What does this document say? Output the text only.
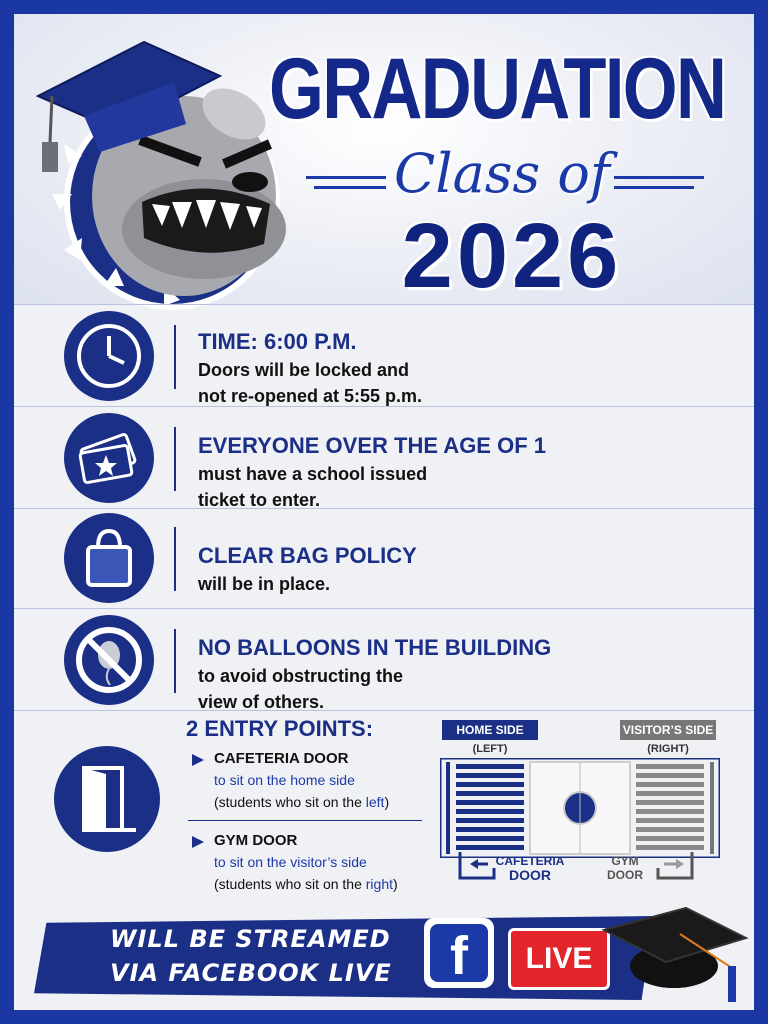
GRADUATION
Class of
2026
TIME: 6:00 P.M.
Doors will be locked and
not re-opened at 5:55 p.m.
EVERYONE OVER THE AGE OF 1
must have a school issued
ticket to enter.
CLEAR BAG POLICY
will be in place.
NO BALLOONS IN THE BUILDING
to avoid obstructing the
view of others.
2 ENTRY POINTS:
CAFETERIA DOOR
to sit on the home side
(students who sit on the left)
GYM DOOR
to sit on the visitor’s side
(students who sit on the right)
HOME SIDE
(LEFT)
VISITOR’S SIDE
(RIGHT)
CAFETERIA
DOOR
GYM
DOOR
WILL BE STREAMED
VIA FACEBOOK LIVE	f	LIVE
